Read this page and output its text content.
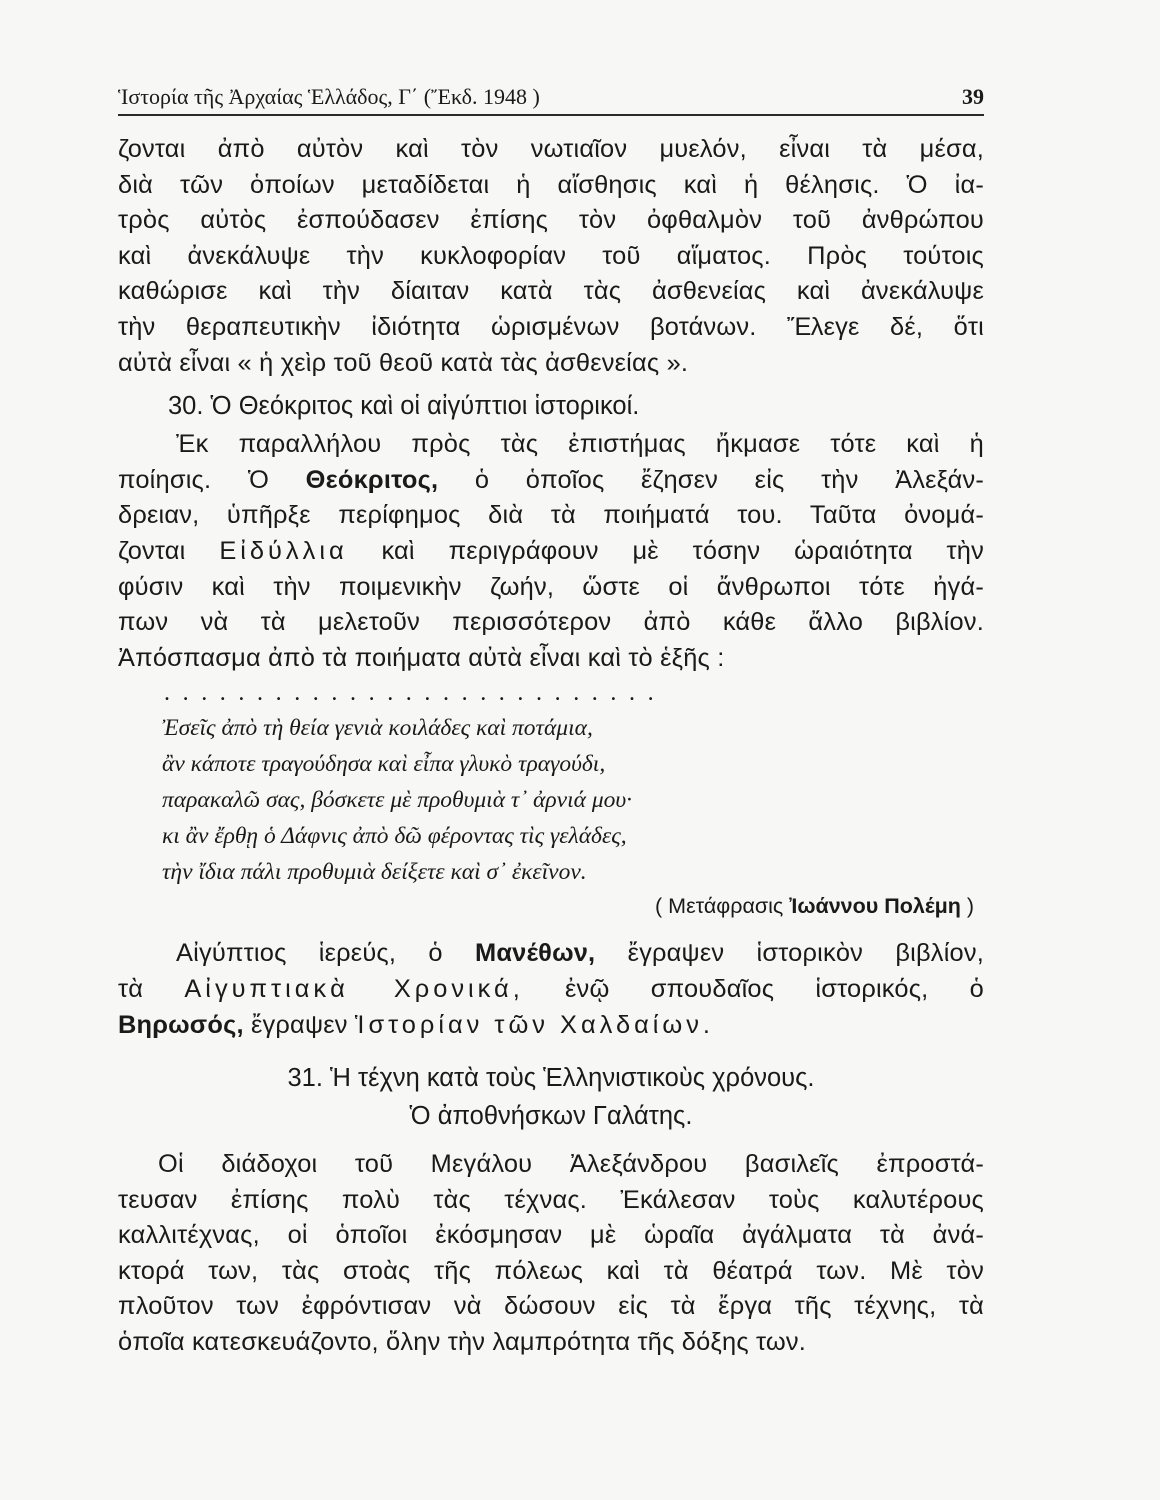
Ἱστορία τῆς Ἀρχαίας Ἑλλάδος, Γ΄ (Ἔκδ. 1948 )	39

ζονται ἀπὸ αὐτὸν καὶ τὸν νωτιαῖον μυελόν, εἶναι τὰ μέσα,
διὰ τῶν ὁποίων μεταδίδεται ἡ αἴσθησις καὶ ἡ θέλησις. Ὁ ἰα-
τρὸς αὐτὸς ἐσπούδασεν ἐπίσης τὸν ὀφθαλμὸν τοῦ ἀνθρώπου
καὶ ἀνεκάλυψε τὴν κυκλοφορίαν τοῦ αἵματος. Πρὸς τούτοις
καθώρισε καὶ τὴν δίαιταν κατὰ τὰς ἀσθενείας καὶ ἀνεκάλυψε
τὴν θεραπευτικὴν ἰδιότητα ὡρισμένων βοτάνων. Ἔλεγε δέ, ὅτι
αὐτὰ εἶναι « ἡ χεὶρ τοῦ θεοῦ κατὰ τὰς ἀσθενείας ».

30. Ὁ Θεόκριτος καὶ οἱ αἰγύπτιοι ἱστορικοί.

Ἐκ παραλλήλου πρὸς τὰς ἐπιστήμας ἤκμασε τότε καὶ ἡ
ποίησις. Ὁ Θεόκριτος, ὁ ὁποῖος ἔζησεν εἰς τὴν Ἀλεξάν-
δρειαν, ὑπῆρξε περίφημος διὰ τὰ ποιήματά του. Ταῦτα ὀνομά-
ζονται Εἰδύλλια καὶ περιγράφουν μὲ τόσην ὡραιότητα τὴν
φύσιν καὶ τὴν ποιμενικὴν ζωήν, ὥστε οἱ ἄνθρωποι τότε ἠγά-
πων νὰ τὰ μελετοῦν περισσότερον ἀπὸ κάθε ἄλλο βιβλίον.
Ἀπόσπασμα ἀπὸ τὰ ποιήματα αὐτὰ εἶναι καὶ τὸ ἑξῆς :

...........................
Ἐσεῖς ἀπὸ τὴ θεία γενιὰ κοιλάδες καὶ ποτάμια,
ἂν κάποτε τραγούδησα καὶ εἶπα γλυκὸ τραγούδι,
παρακαλῶ σας, βόσκετε μὲ προθυμιὰ τ᾽ ἀρνιά μου·
κι ἂν ἔρθῃ ὁ Δάφνις ἀπὸ δῶ φέροντας τὶς γελάδες,
τὴν ἴδια πάλι προθυμιὰ δείξετε καὶ σ᾽ ἐκεῖνον.
( Μετάφρασις Ἰωάννου Πολέμη )

Αἰγύπτιος ἱερεύς, ὁ Μανέθων, ἔγραψεν ἱστορικὸν βιβλίον,
τὰ Αἰγυπτιακὰ Χρονικά, ἐνῷ σπουδαῖος ἱστορικός, ὁ
Βηρωσός, ἔγραψεν Ἱστορίαν τῶν Χαλδαίων.

31. Ἡ τέχνη κατὰ τοὺς Ἑλληνιστικοὺς χρόνους.
Ὁ ἀποθνήσκων Γαλάτης.

Οἱ διάδοχοι τοῦ Μεγάλου Ἀλεξάνδρου βασιλεῖς ἐπροστά-
τευσαν ἐπίσης πολὺ τὰς τέχνας. Ἐκάλεσαν τοὺς καλυτέρους
καλλιτέχνας, οἱ ὁποῖοι ἐκόσμησαν μὲ ὡραῖα ἀγάλματα τὰ ἀνά-
κτορά των, τὰς στοὰς τῆς πόλεως καὶ τὰ θέατρά των. Μὲ τὸν
πλοῦτον των ἐφρόντισαν νὰ δώσουν εἰς τὰ ἔργα τῆς τέχνης, τὰ
ὁποῖα κατεσκευάζοντο, ὅλην τὴν λαμπρότητα τῆς δόξης των.
